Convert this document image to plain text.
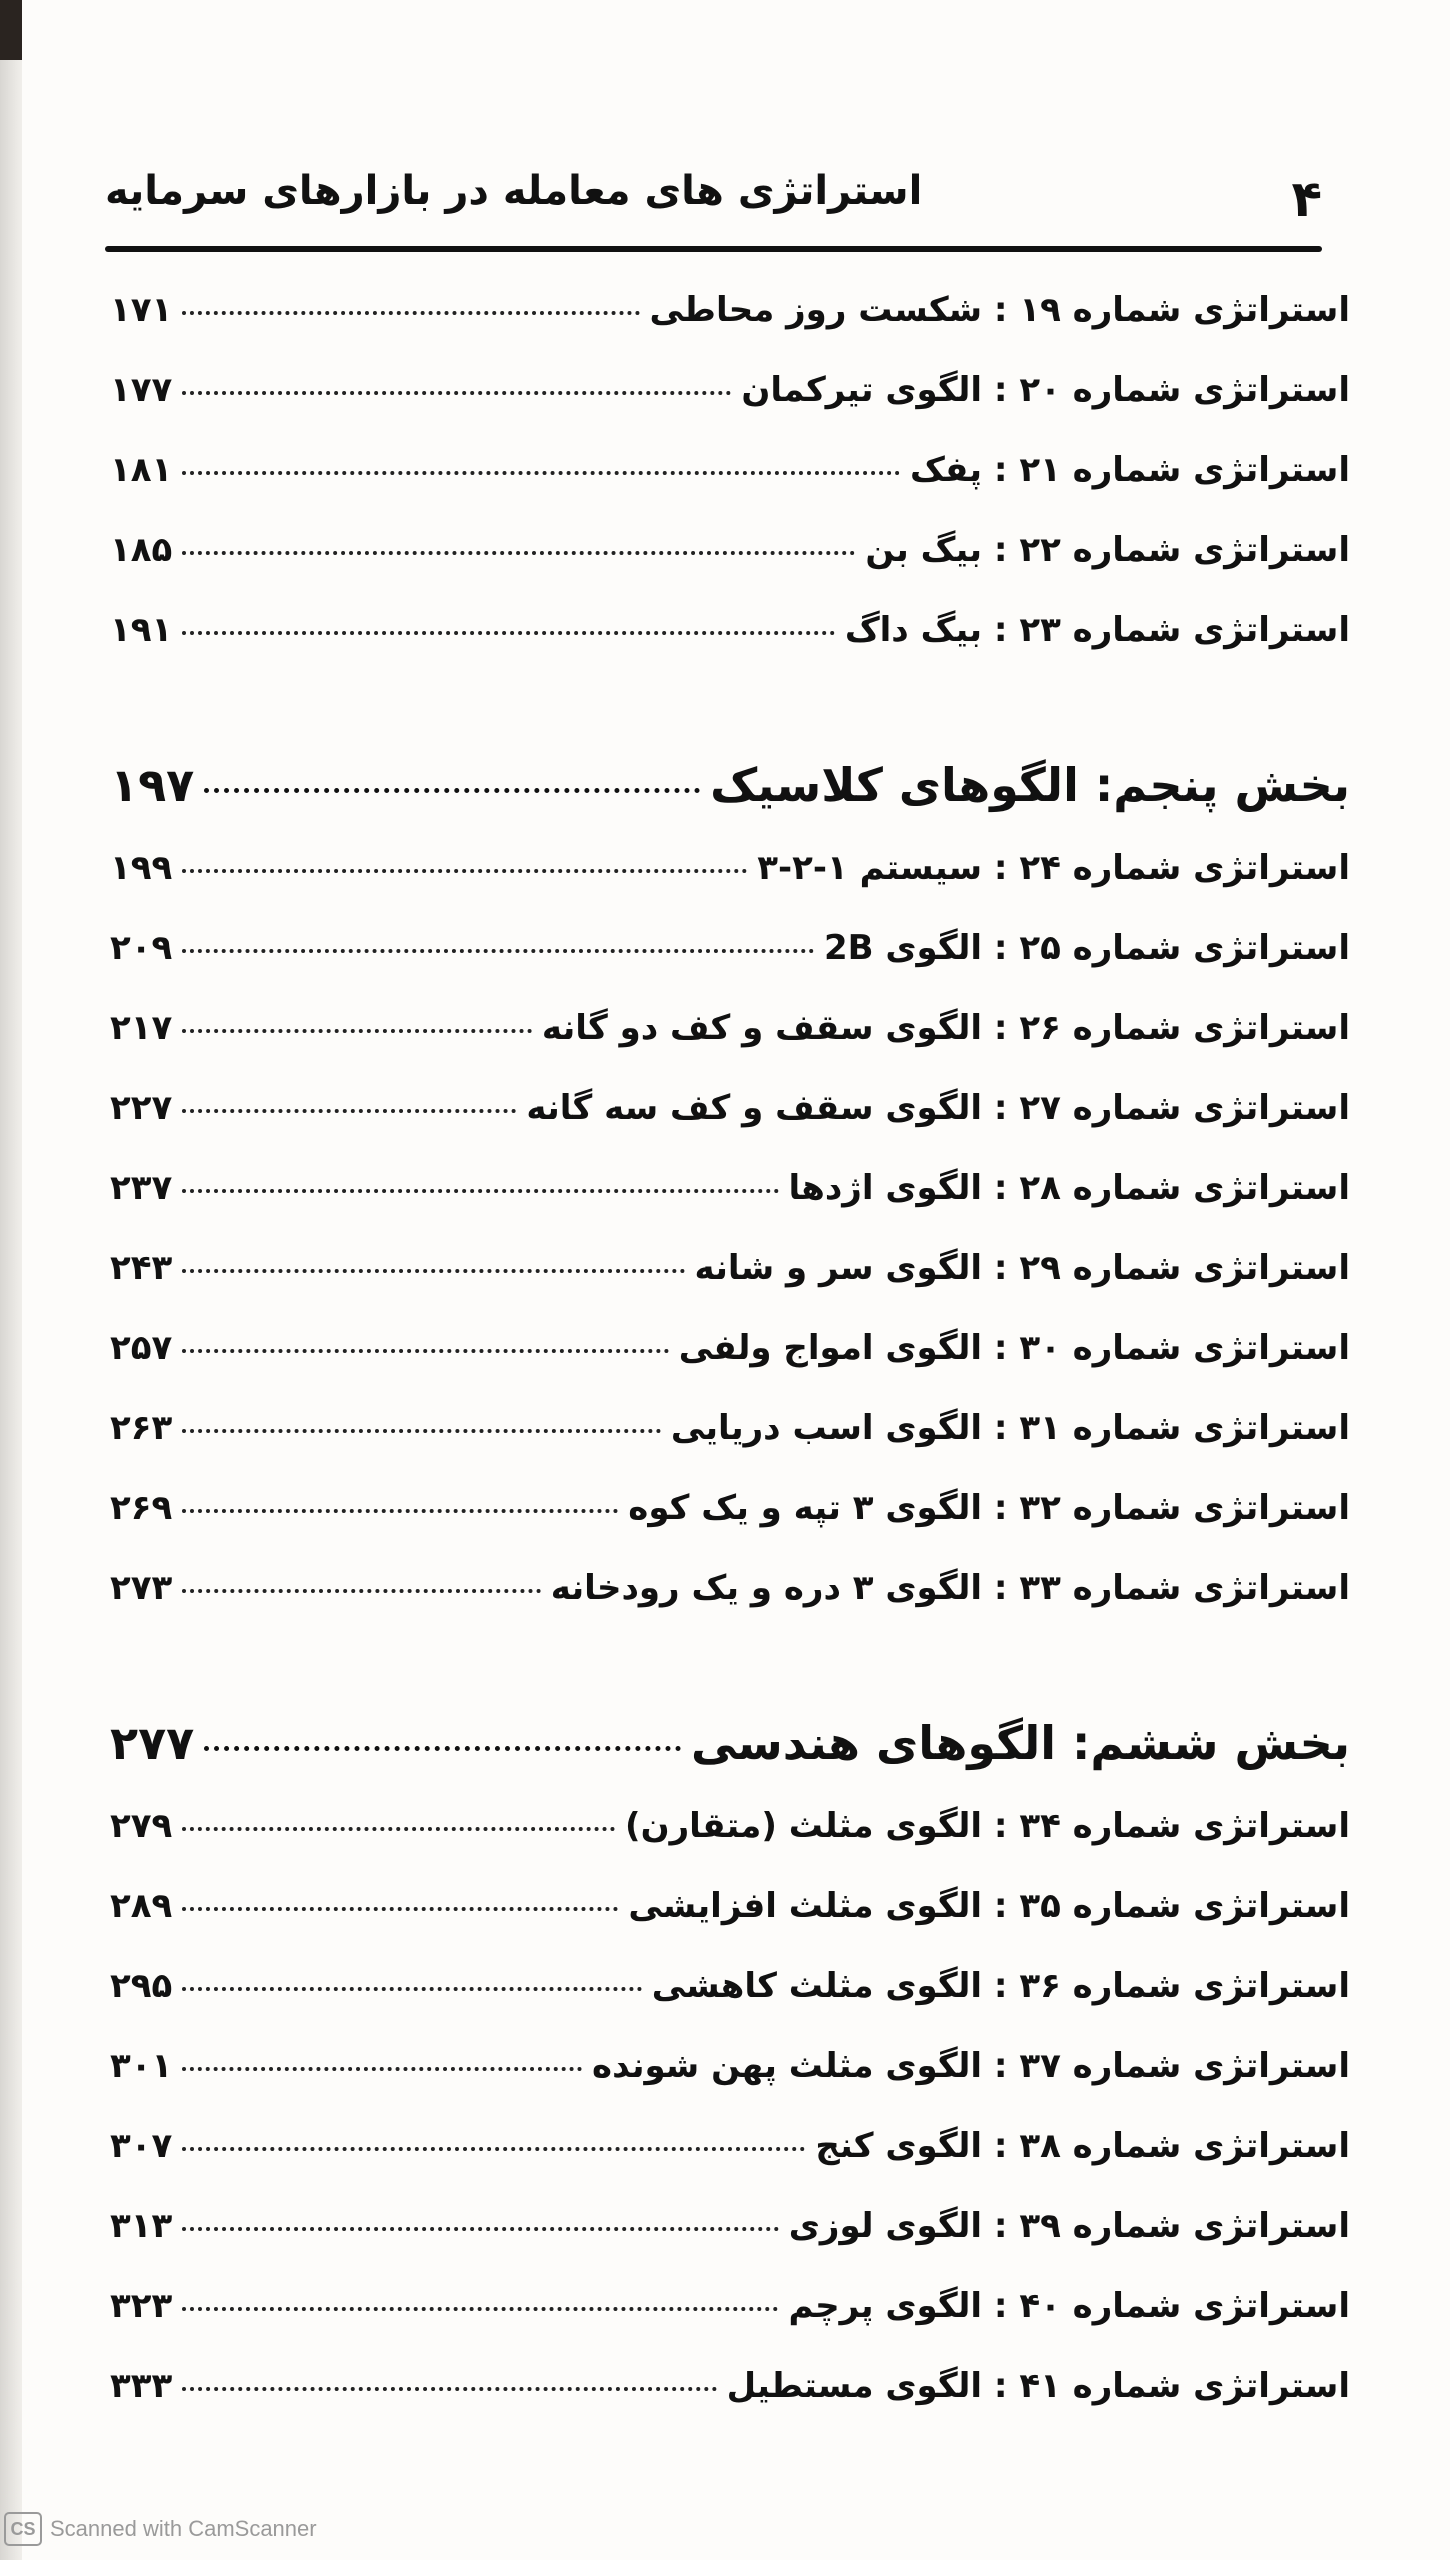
۴
استراتژی های معامله در بازارهای سرمایه
استراتژی شماره ۱۹ : شکست روز محاطی
۱۷۱
استراتژی شماره ۲۰ : الگوی تیرکمان
۱۷۷
استراتژی شماره ۲۱ : پفک
۱۸۱
استراتژی شماره ۲۲ : بیگ بن
۱۸۵
استراتژی شماره ۲۳ : بیگ داگ
۱۹۱
بخش پنجم: الگوهای کلاسیک
۱۹۷
استراتژی شماره ۲۴ : سیستم ۱-۲-۳
۱۹۹
استراتژی شماره ۲۵ : الگوی 2B
۲۰۹
استراتژی شماره ۲۶ : الگوی سقف و کف دو گانه
۲۱۷
استراتژی شماره ۲۷ : الگوی سقف و کف سه گانه
۲۲۷
استراتژی شماره ۲۸ : الگوی اژدها
۲۳۷
استراتژی شماره ۲۹ : الگوی سر و شانه
۲۴۳
استراتژی شماره ۳۰ : الگوی امواج ولفی
۲۵۷
استراتژی شماره ۳۱ : الگوی اسب دریایی
۲۶۳
استراتژی شماره ۳۲ : الگوی ۳ تپه و یک کوه
۲۶۹
استراتژی شماره ۳۳ : الگوی ۳ دره و یک رودخانه
۲۷۳
بخش ششم: الگوهای هندسی
۲۷۷
استراتژی شماره ۳۴ : الگوی مثلث (متقارن)
۲۷۹
استراتژی شماره ۳۵ : الگوی مثلث افزایشی
۲۸۹
استراتژی شماره ۳۶ : الگوی مثلث کاهشی
۲۹۵
استراتژی شماره ۳۷ : الگوی مثلث پهن شونده
۳۰۱
استراتژی شماره ۳۸ : الگوی کنج
۳۰۷
استراتژی شماره ۳۹ : الگوی لوزی
۳۱۳
استراتژی شماره ۴۰ : الگوی پرچم
۳۲۳
استراتژی شماره ۴۱ : الگوی مستطیل
۳۳۳
CS Scanned with CamScanner
